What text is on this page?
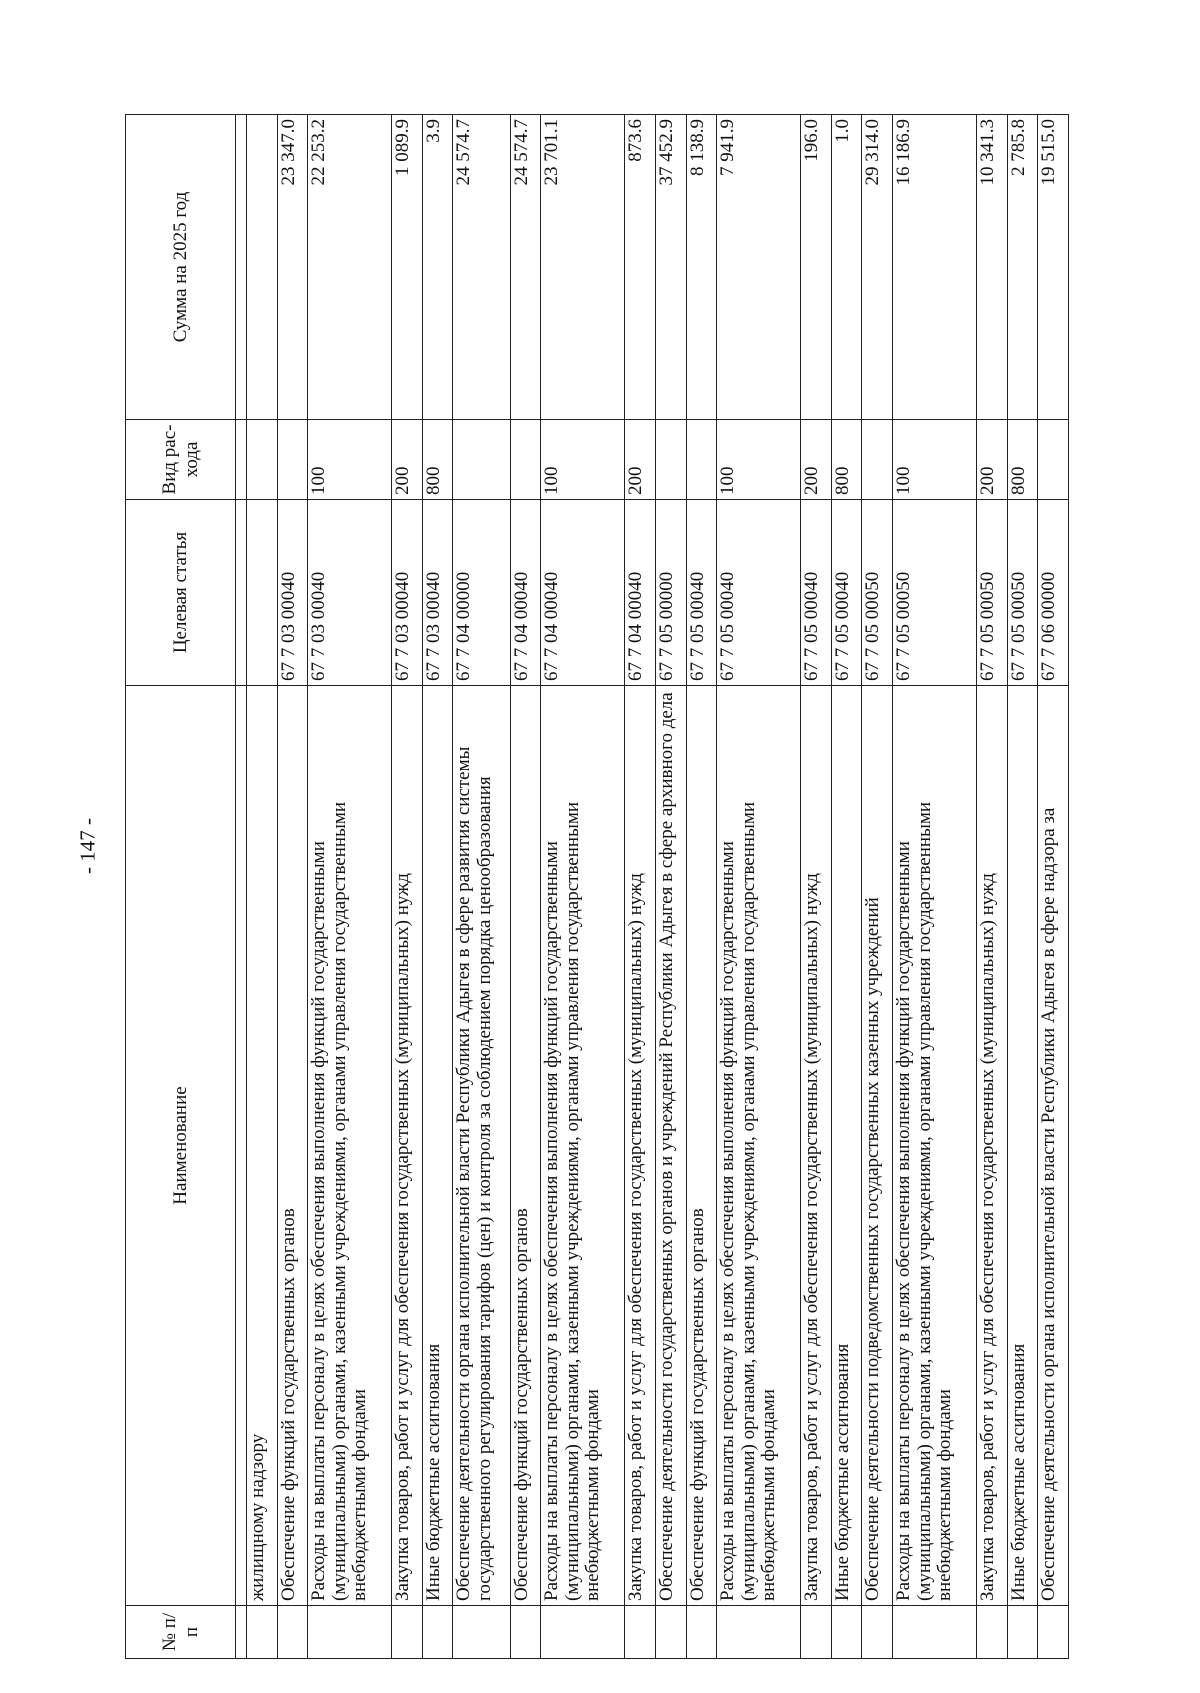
- 147 -
№ п/п	Наименование	Целевая статья	Вид рас-хода	Сумма на 2025 год

	жилищному надзору			
	Обеспечение функций государственных органов	67 7 03 00040		23 347.0
	Расходы на выплаты персоналу в целях обеспечения выполнения функций государственными (муниципальными) органами, казенными учреждениями, органами управления государственными внебюджетными фондами	67 7 03 00040	100	22 253.2
	Закупка товаров, работ и услуг для обеспечения государственных (муниципальных) нужд	67 7 03 00040	200	1 089.9
	Иные бюджетные ассигнования	67 7 03 00040	800	3.9
	Обеспечение деятельности органа исполнительной власти Республики Адыгея в сфере развития системы государственного регулирования тарифов (цен) и контроля за соблюдением порядка ценообразования	67 7 04 00000		24 574.7
	Обеспечение функций государственных органов	67 7 04 00040		24 574.7
	Расходы на выплаты персоналу в целях обеспечения выполнения функций государственными (муниципальными) органами, казенными учреждениями, органами управления государственными внебюджетными фондами	67 7 04 00040	100	23 701.1
	Закупка товаров, работ и услуг для обеспечения государственных (муниципальных) нужд	67 7 04 00040	200	873.6
	Обеспечение деятельности государственных органов и учреждений Республики Адыгея в сфере архивного дела	67 7 05 00000		37 452.9
	Обеспечение функций государственных органов	67 7 05 00040		8 138.9
	Расходы на выплаты персоналу в целях обеспечения выполнения функций государственными (муниципальными) органами, казенными учреждениями, органами управления государственными внебюджетными фондами	67 7 05 00040	100	7 941.9
	Закупка товаров, работ и услуг для обеспечения государственных (муниципальных) нужд	67 7 05 00040	200	196.0
	Иные бюджетные ассигнования	67 7 05 00040	800	1.0
	Обеспечение деятельности подведомственных государственных казенных учреждений	67 7 05 00050		29 314.0
	Расходы на выплаты персоналу в целях обеспечения выполнения функций государственными (муниципальными) органами, казенными учреждениями, органами управления государственными внебюджетными фондами	67 7 05 00050	100	16 186.9
	Закупка товаров, работ и услуг для обеспечения государственных (муниципальных) нужд	67 7 05 00050	200	10 341.3
	Иные бюджетные ассигнования	67 7 05 00050	800	2 785.8
	Обеспечение деятельности органа исполнительной власти Республики Адыгея в сфере надзора за	67 7 06 00000		19 515.0
